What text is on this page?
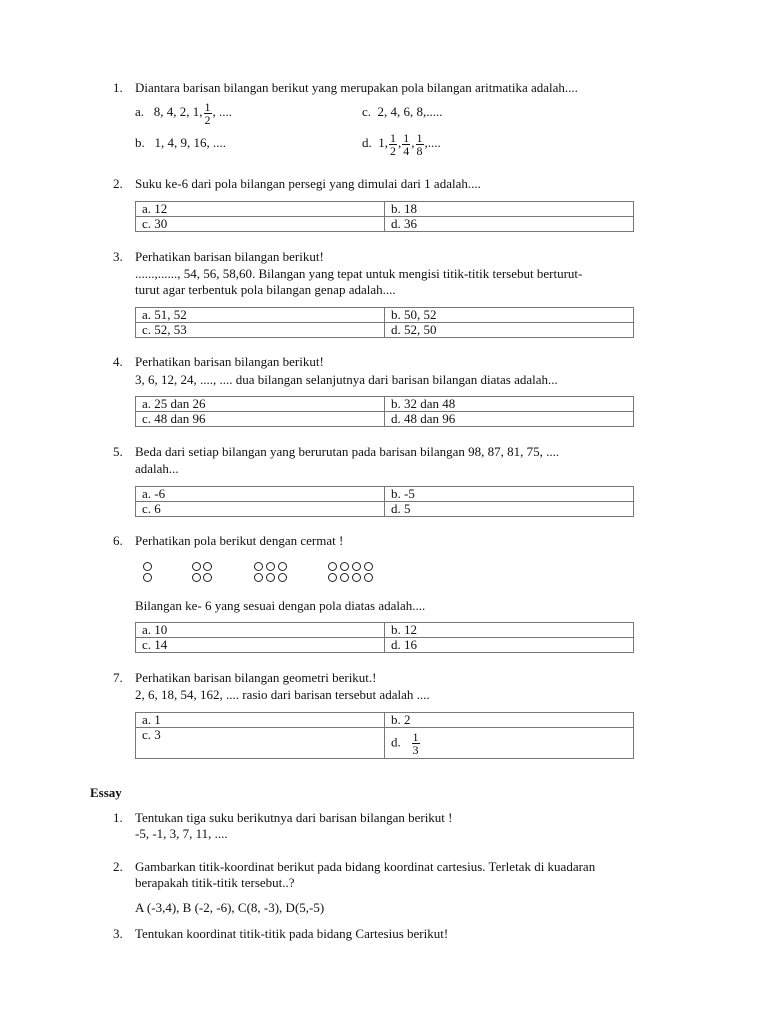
1. Diantara barisan bilangan berikut yang merupakan pola bilangan aritmatika adalah....
a. 8, 4, 2, 1, $\frac{1}{2}$ , ....	c. 2, 4, 6, 8,.....
b. 1, 4, 9, 16, ....	d. 1, $\frac{1}{2}$ , $\frac{1}{4}$ , $\frac{1}{8}$ ,....
2. Suku ke-6 dari pola bilangan persegi yang dimulai dari 1 adalah....
a. 12	b. 18
c. 30	d. 36
3. Perhatikan barisan bilangan berikut!
......,......, 54, 56, 58,60. Bilangan yang tepat untuk mengisi titik-titik tersebut berturut-
turut agar terbentuk pola bilangan genap adalah....
a. 51, 52	b. 50, 52
c. 52, 53	d. 52, 50
4. Perhatikan barisan bilangan berikut!
3, 6, 12, 24, ...., .... dua bilangan selanjutnya dari barisan bilangan diatas adalah...
a. 25 dan 26	b. 32 dan 48
c. 48 dan 96	d. 48 dan 96
5. Beda dari setiap bilangan yang berurutan pada barisan bilangan 98, 87, 81, 75, ....
adalah...
a. -6	b. -5
c. 6	d. 5
6. Perhatikan pola berikut dengan cermat !
Bilangan ke- 6 yang sesuai dengan pola diatas adalah....
a. 10	b. 12
c. 14	d. 16
7. Perhatikan barisan bilangan geometri berikut.!
2, 6, 18, 54, 162, .... rasio dari barisan tersebut adalah ....
a. 1	b. 2
c. 3	d. $\frac{1}{3}$
Essay
1. Tentukan tiga suku berikutnya dari barisan bilangan berikut !
-5, -1, 3, 7, 11, ....
2. Gambarkan titik-koordinat berikut pada bidang koordinat cartesius. Terletak di kuadaran
berapakah titik-titik tersebut..?
A (-3,4), B (-2, -6), C(8, -3), D(5,-5)
3. Tentukan koordinat titik-titik pada bidang Cartesius berikut!
